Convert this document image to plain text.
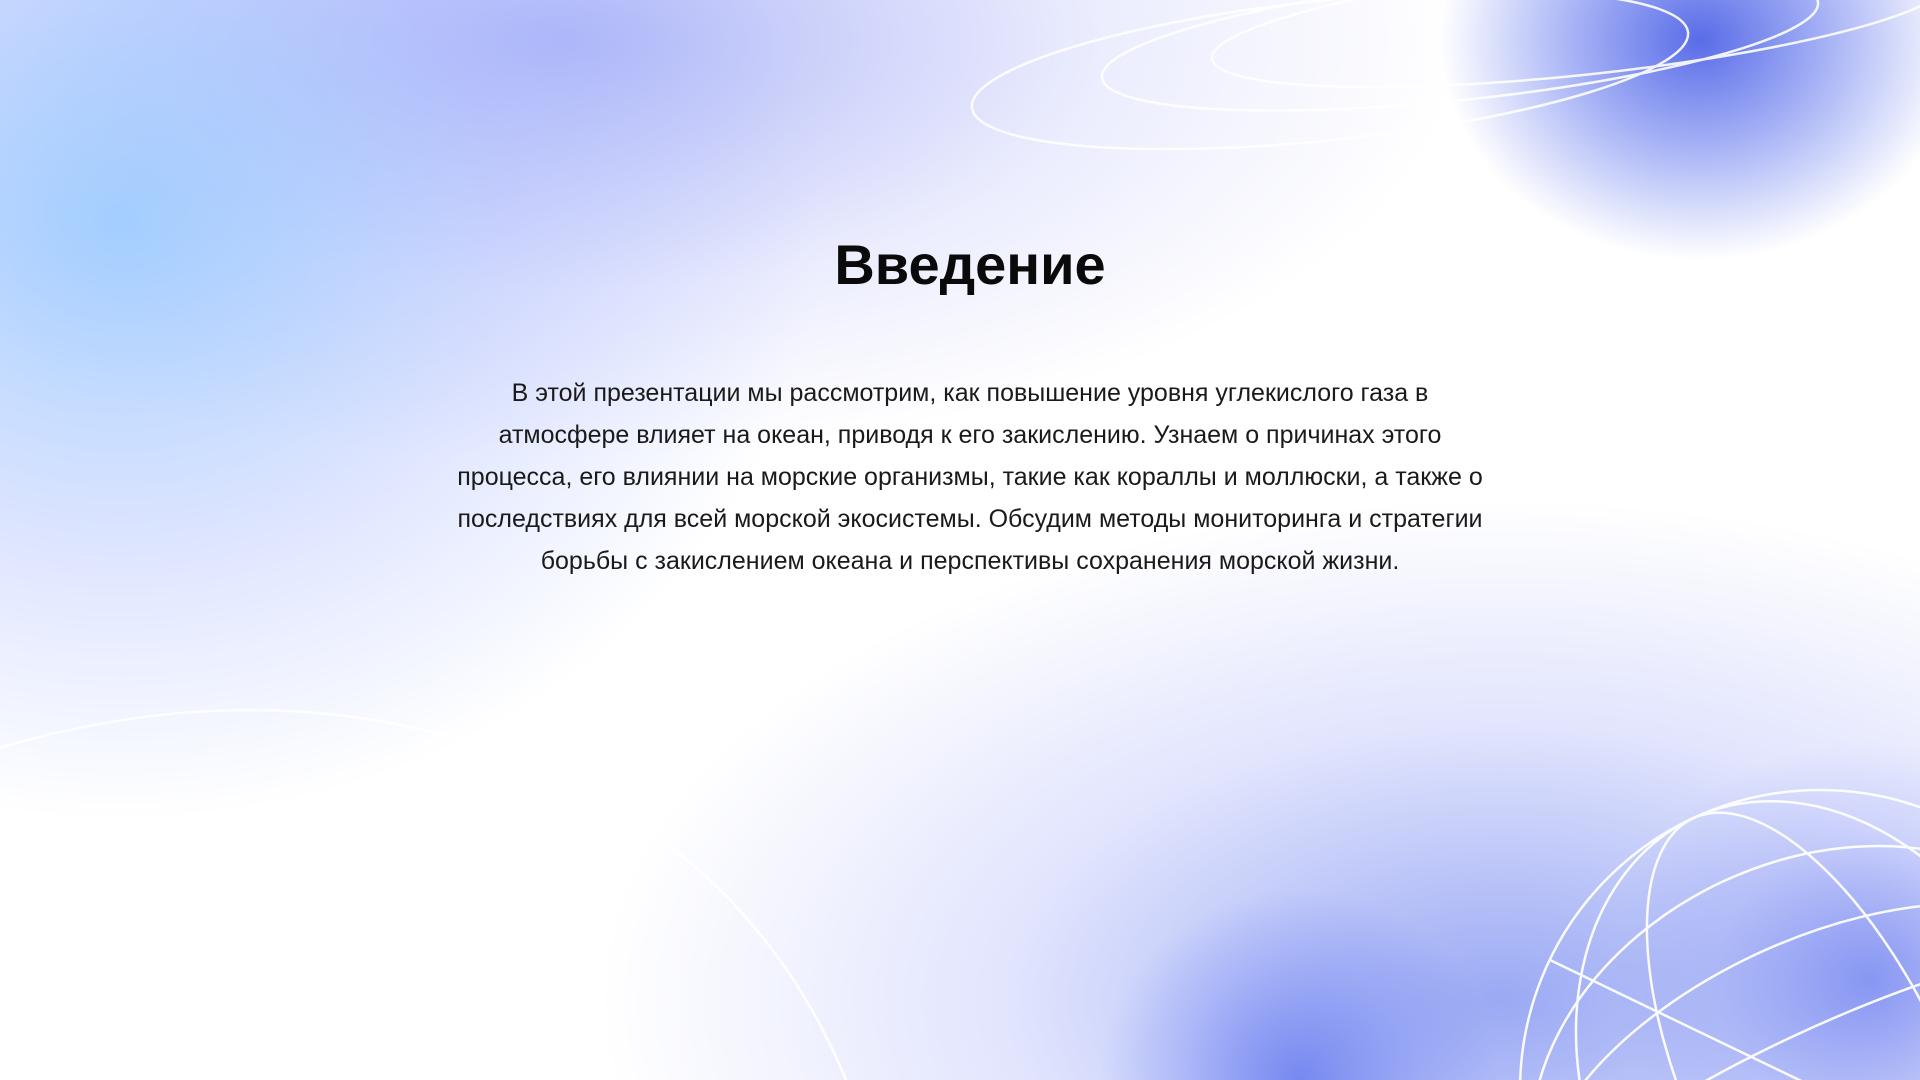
Введение

В этой презентации мы рассмотрим, как повышение уровня углекислого газа в атмосфере влияет на океан, приводя к его закислению. Узнаем о причинах этого процесса, его влиянии на морские организмы, такие как кораллы и моллюски, а также о последствиях для всей морской экосистемы. Обсудим методы мониторинга и стратегии борьбы с закислением океана и перспективы сохранения морской жизни.
